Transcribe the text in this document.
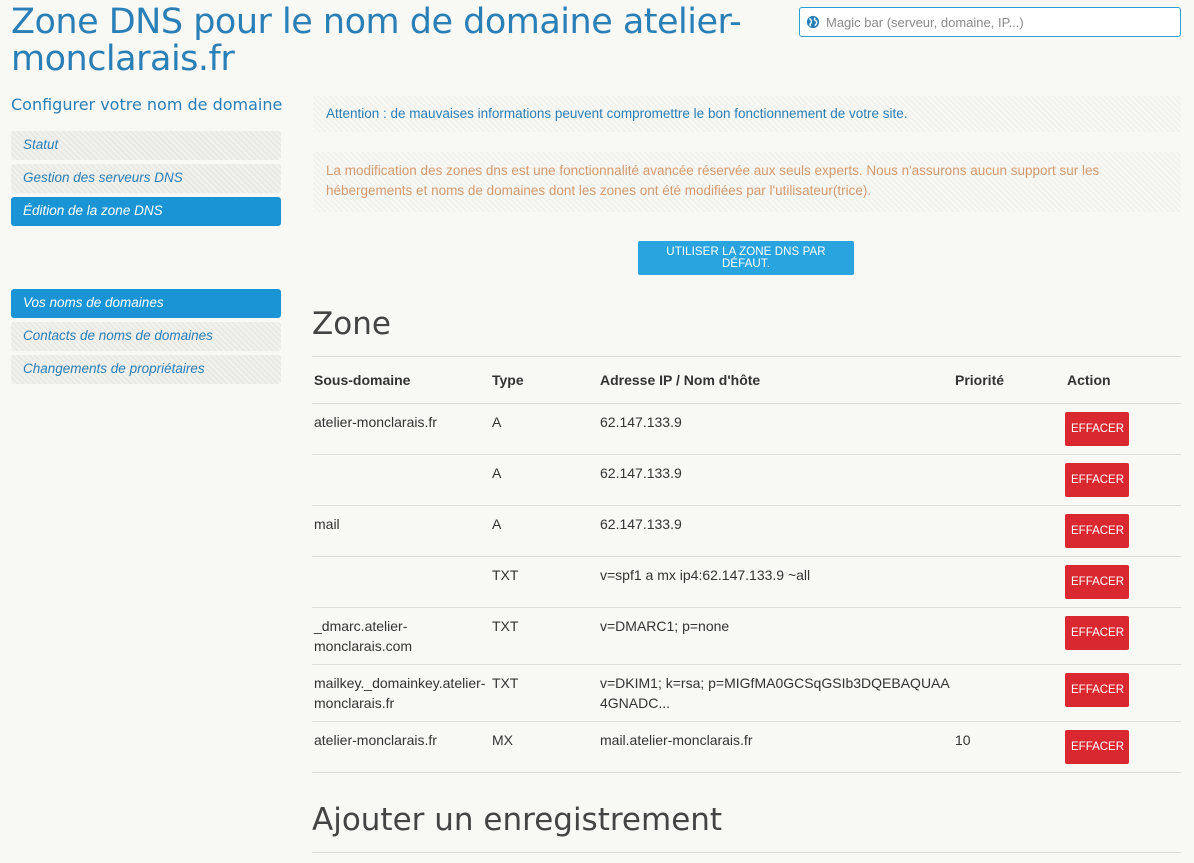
Zone DNS pour le nom de domaine atelier-monclarais.fr
Magic bar (serveur, domaine, IP...)
Configurer votre nom de domaine
Statut
Gestion des serveurs DNS
Édition de la zone DNS
Vos noms de domaines
Contacts de noms de domaines
Changements de propriétaires
Attention : de mauvaises informations peuvent compromettre le bon fonctionnement de votre site.
La modification des zones dns est une fonctionnalité avancée réservée aux seuls experts. Nous n'assurons aucun support sur les hébergements et noms de domaines dont les zones ont été modifiées par l'utilisateur(trice).
UTILISER LA ZONE DNS PAR DÉFAUT.
Zone
Sous-domaine	Type	Adresse IP / Nom d'hôte	Priorité	Action
atelier-monclarais.fr	A	62.147.133.9		EFFACER
	A	62.147.133.9		EFFACER
mail	A	62.147.133.9		EFFACER
	TXT	v=spf1 a mx ip4:62.147.133.9 ~all		EFFACER
_dmarc.atelier-monclarais.com	TXT	v=DMARC1; p=none		EFFACER
mailkey._domainkey.atelier-monclarais.fr	TXT	v=DKIM1; k=rsa; p=MIGfMA0GCSqGSIb3DQEBAQUAA4GNADC...		EFFACER
atelier-monclarais.fr	MX	mail.atelier-monclarais.fr	10	EFFACER
Ajouter un enregistrement
